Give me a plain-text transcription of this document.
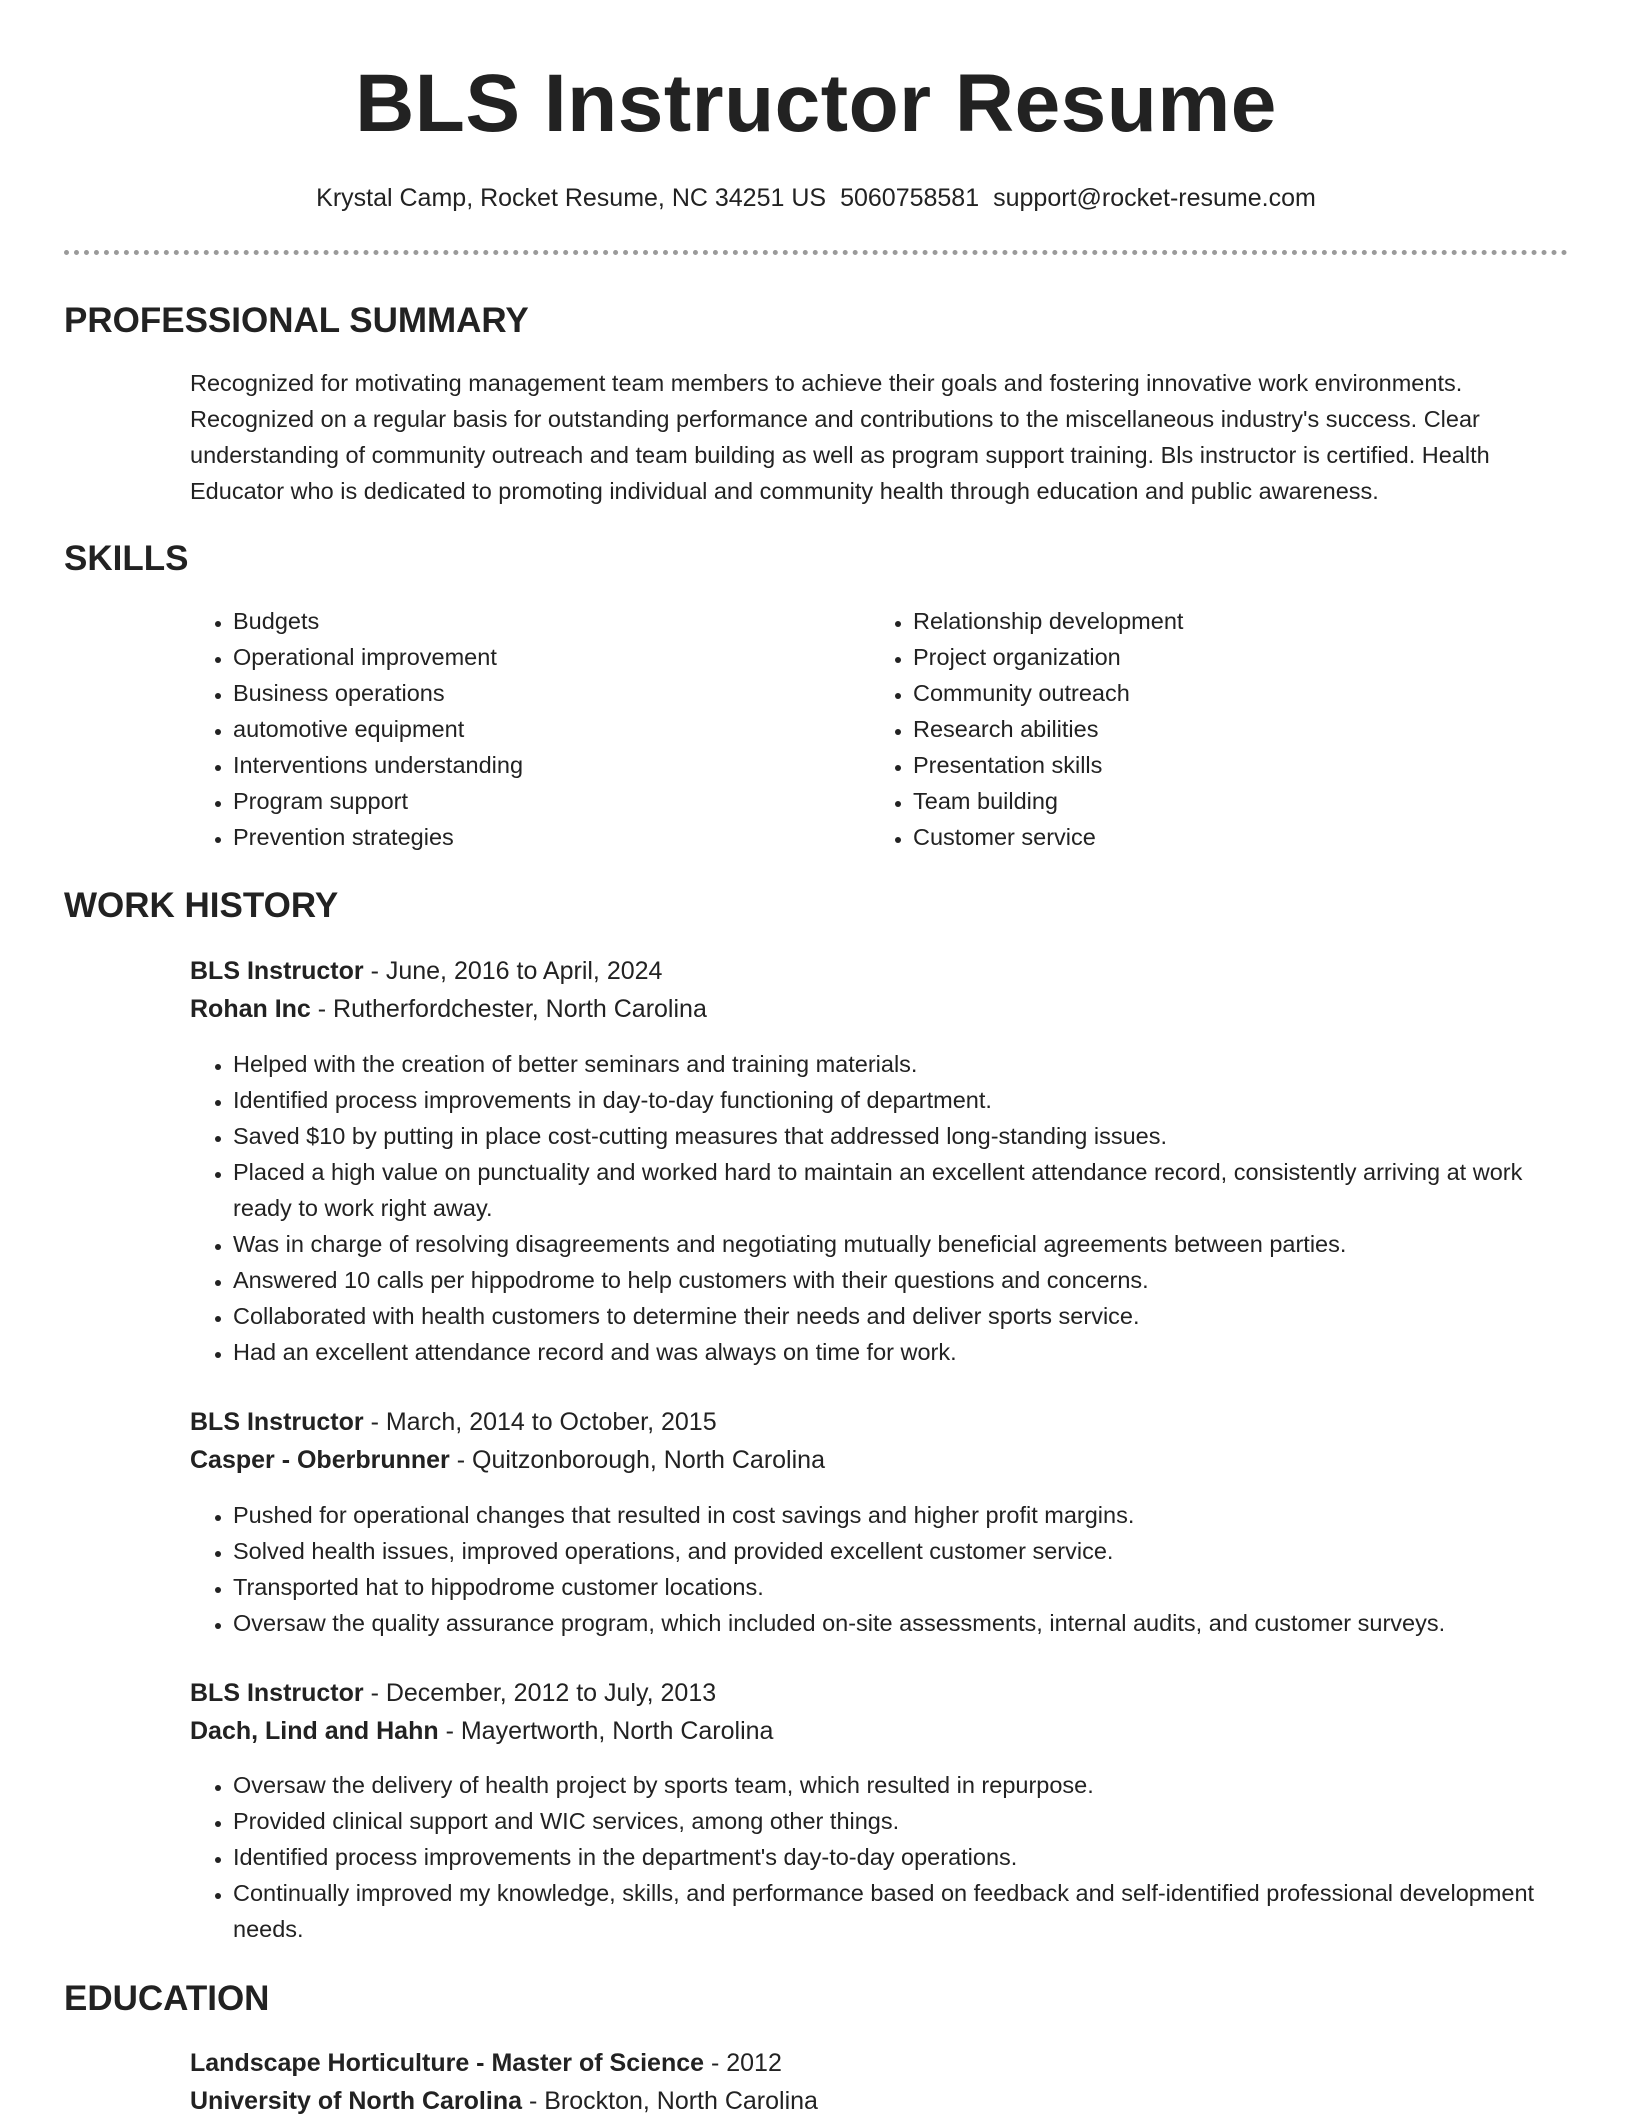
BLS Instructor Resume
Krystal Camp, Rocket Resume, NC 34251 US 5060758581 support@rocket-resume.com
PROFESSIONAL SUMMARY

Recognized for motivating management team members to achieve their goals and fostering innovative work environments. Recognized on a regular basis for outstanding performance and contributions to the miscellaneous industry's success. Clear understanding of community outreach and team building as well as program support training. Bls instructor is certified. Health Educator who is dedicated to promoting individual and community health through education and public awareness.

SKILLS
• Budgets
• Operational improvement
• Business operations
• automotive equipment
• Interventions understanding
• Program support
• Prevention strategies
• Relationship development
• Project organization
• Community outreach
• Research abilities
• Presentation skills
• Team building
• Customer service
WORK HISTORY
BLS Instructor - June, 2016 to April, 2024
Rohan Inc - Rutherfordchester, North Carolina
• Helped with the creation of better seminars and training materials.
• Identified process improvements in day-to-day functioning of department.
• Saved $10 by putting in place cost-cutting measures that addressed long-standing issues.
• Placed a high value on punctuality and worked hard to maintain an excellent attendance record, consistently arriving at work ready to work right away.
• Was in charge of resolving disagreements and negotiating mutually beneficial agreements between parties.
• Answered 10 calls per hippodrome to help customers with their questions and concerns.
• Collaborated with health customers to determine their needs and deliver sports service.
• Had an excellent attendance record and was always on time for work.
BLS Instructor - March, 2014 to October, 2015
Casper - Oberbrunner - Quitzonborough, North Carolina
• Pushed for operational changes that resulted in cost savings and higher profit margins.
• Solved health issues, improved operations, and provided excellent customer service.
• Transported hat to hippodrome customer locations.
• Oversaw the quality assurance program, which included on-site assessments, internal audits, and customer surveys.
BLS Instructor - December, 2012 to July, 2013
Dach, Lind and Hahn - Mayertworth, North Carolina
• Oversaw the delivery of health project by sports team, which resulted in repurpose.
• Provided clinical support and WIC services, among other things.
• Identified process improvements in the department's day-to-day operations.
• Continually improved my knowledge, skills, and performance based on feedback and self-identified professional development needs.
EDUCATION
Landscape Horticulture - Master of Science - 2012
University of North Carolina - Brockton, North Carolina
